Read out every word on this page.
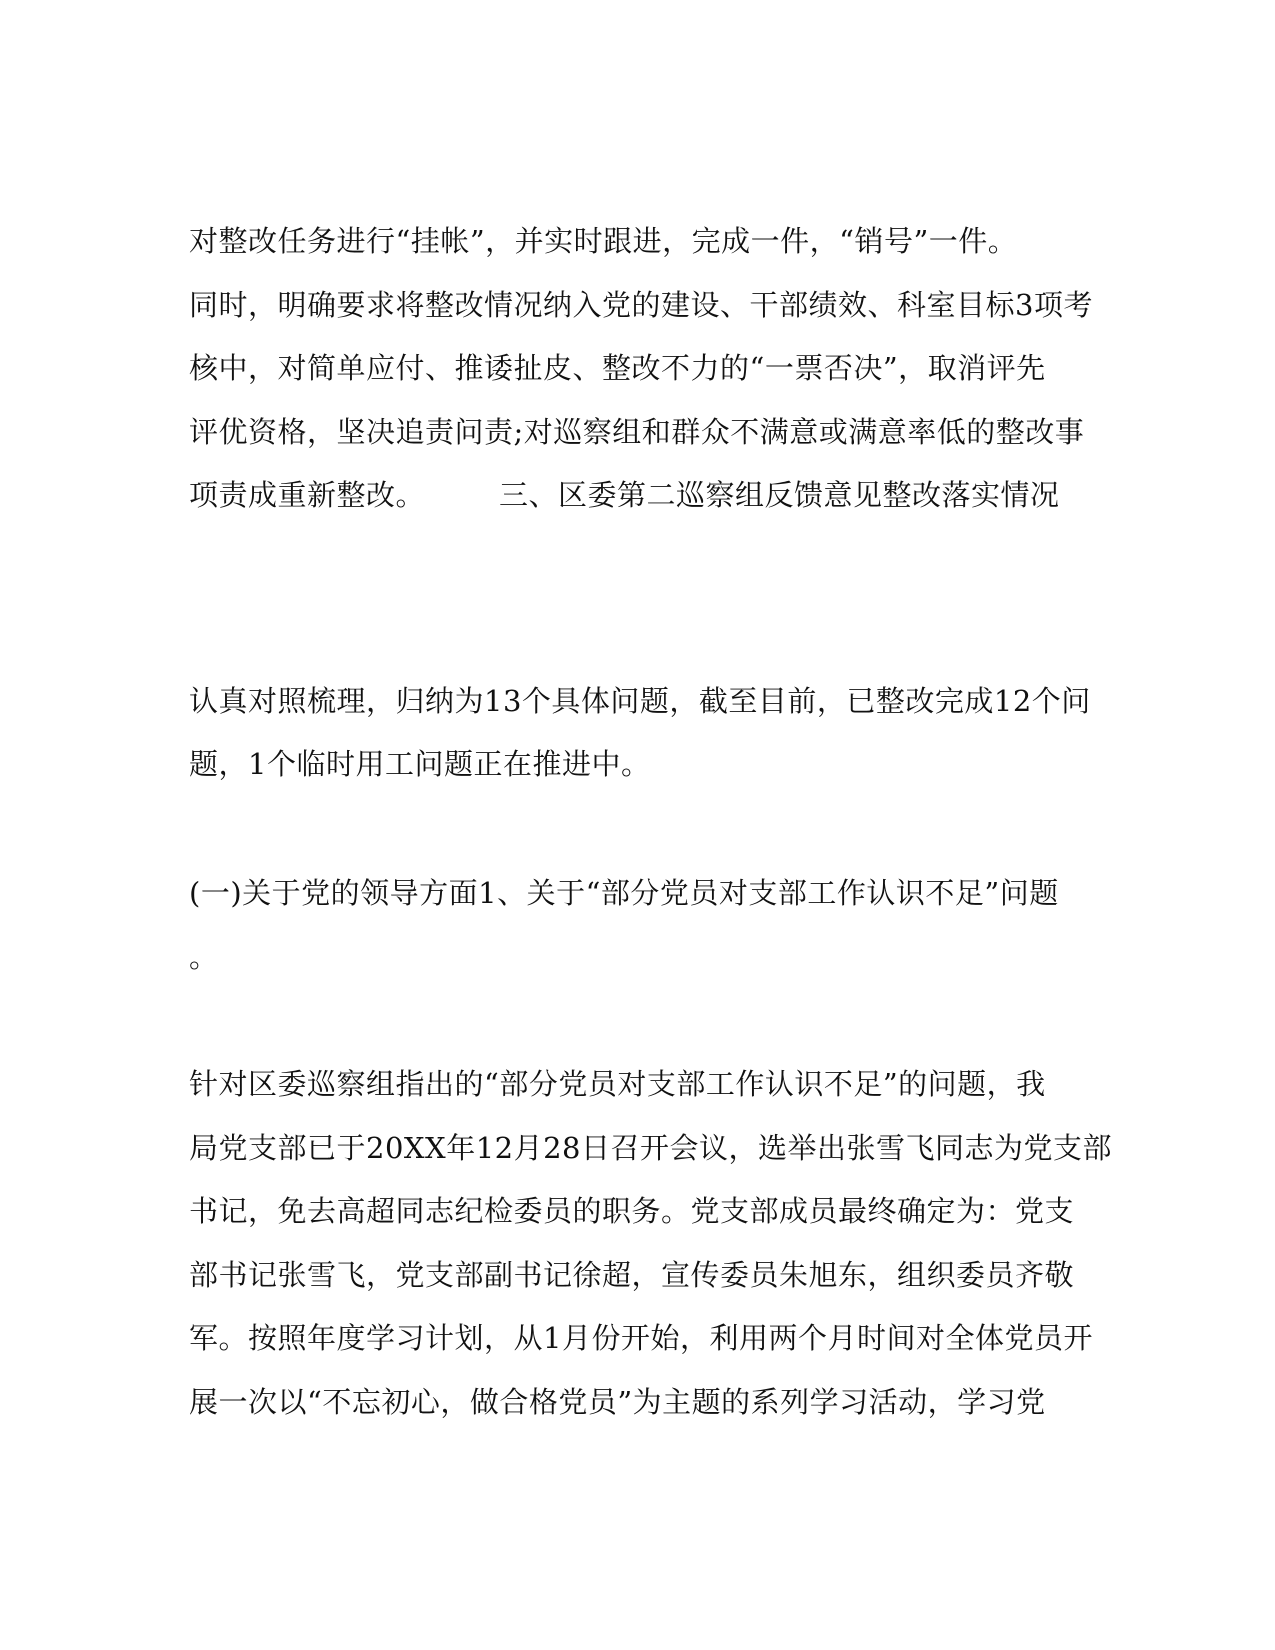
对整改任务进行“挂帐”，并实时跟进，完成一件，“销号”一件。
同时，明确要求将整改情况纳入党的建设、干部绩效、科室目标3项考
核中，对简单应付、推诿扯皮、整改不力的“一票否决”，取消评先
评优资格，坚决追责问责;对巡察组和群众不满意或满意率低的整改事
项责成重新整改。　　　三、区委第二巡察组反馈意见整改落实情况
认真对照梳理，归纳为13个具体问题，截至目前，已整改完成12个问
题，1个临时用工问题正在推进中。
(一)关于党的领导方面1、关于“部分党员对支部工作认识不足”问题
。
针对区委巡察组指出的“部分党员对支部工作认识不足”的问题，我
局党支部已于20XX年12月28日召开会议，选举出张雪飞同志为党支部
书记，免去高超同志纪检委员的职务。党支部成员最终确定为：党支
部书记张雪飞，党支部副书记徐超，宣传委员朱旭东，组织委员齐敬
军。按照年度学习计划，从1月份开始，利用两个月时间对全体党员开
展一次以“不忘初心，做合格党员”为主题的系列学习活动，学习党
